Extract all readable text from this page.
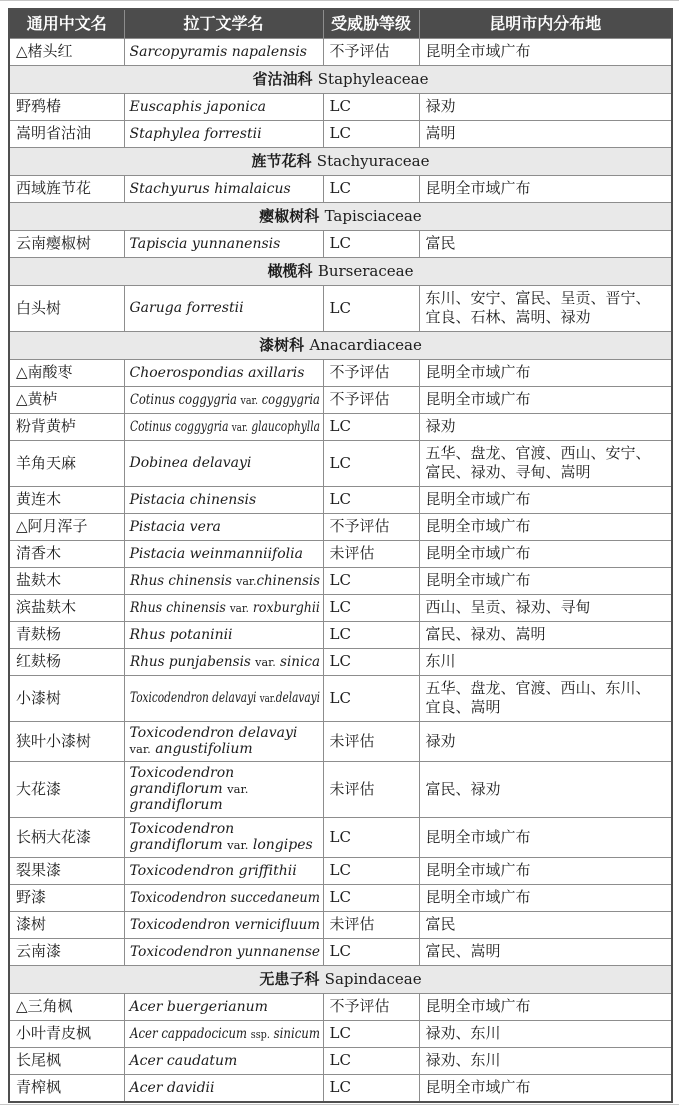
通用中文名	拉丁文学名	受威胁等级	昆明市内分布地
△楮头红	Sarcopyramis napalensis	不予评估	昆明全市域广布
省沽油科 Staphyleaceae			
野鸦椿	Euscaphis japonica	LC	禄劝
嵩明省沽油	Staphylea forrestii	LC	嵩明
旌节花科 Stachyuraceae			
西域旌节花	Stachyurus himalaicus	LC	昆明全市域广布
瘿椒树科 Tapisciaceae			
云南瘿椒树	Tapiscia yunnanensis	LC	富民
橄榄科 Burseraceae			
白头树	Garuga forrestii	LC	东川、安宁、富民、呈贡、晋宁、宜良、石林、嵩明、禄劝
漆树科 Anacardiaceae			
△南酸枣	Choerospondias axillaris	不予评估	昆明全市域广布
△黄栌	Cotinus coggygria var. coggygria	不予评估	昆明全市域广布
粉背黄栌	Cotinus coggygria var. glaucophylla	LC	禄劝
羊角天麻	Dobinea delavayi	LC	五华、盘龙、官渡、西山、安宁、富民、禄劝、寻甸、嵩明
黄连木	Pistacia chinensis	LC	昆明全市域广布
△阿月浑子	Pistacia vera	不予评估	昆明全市域广布
清香木	Pistacia weinmanniifolia	未评估	昆明全市域广布
盐麸木	Rhus chinensis var.chinensis	LC	昆明全市域广布
滨盐麸木	Rhus chinensis var. roxburghii	LC	西山、呈贡、禄劝、寻甸
青麸杨	Rhus potaninii	LC	富民、禄劝、嵩明
红麸杨	Rhus punjabensis var. sinica	LC	东川
小漆树	Toxicodendron delavayi var.delavayi	LC	五华、盘龙、官渡、西山、东川、宜良、嵩明
狭叶小漆树	Toxicodendron delavayi var. angustifolium	未评估	禄劝
大花漆	Toxicodendron grandiflorum var. grandiflorum	未评估	富民、禄劝
长柄大花漆	Toxicodendron grandiflorum var. longipes	LC	昆明全市域广布
裂果漆	Toxicodendron griffithii	LC	昆明全市域广布
野漆	Toxicodendron succedaneum	LC	昆明全市域广布
漆树	Toxicodendron vernicifluum	未评估	富民
云南漆	Toxicodendron yunnanense	LC	富民、嵩明
无患子科 Sapindaceae			
△三角枫	Acer buergerianum	不予评估	昆明全市域广布
小叶青皮枫	Acer cappadocicum ssp. sinicum	LC	禄劝、东川
长尾枫	Acer caudatum	LC	禄劝、东川
青榨枫	Acer davidii	LC	昆明全市域广布
